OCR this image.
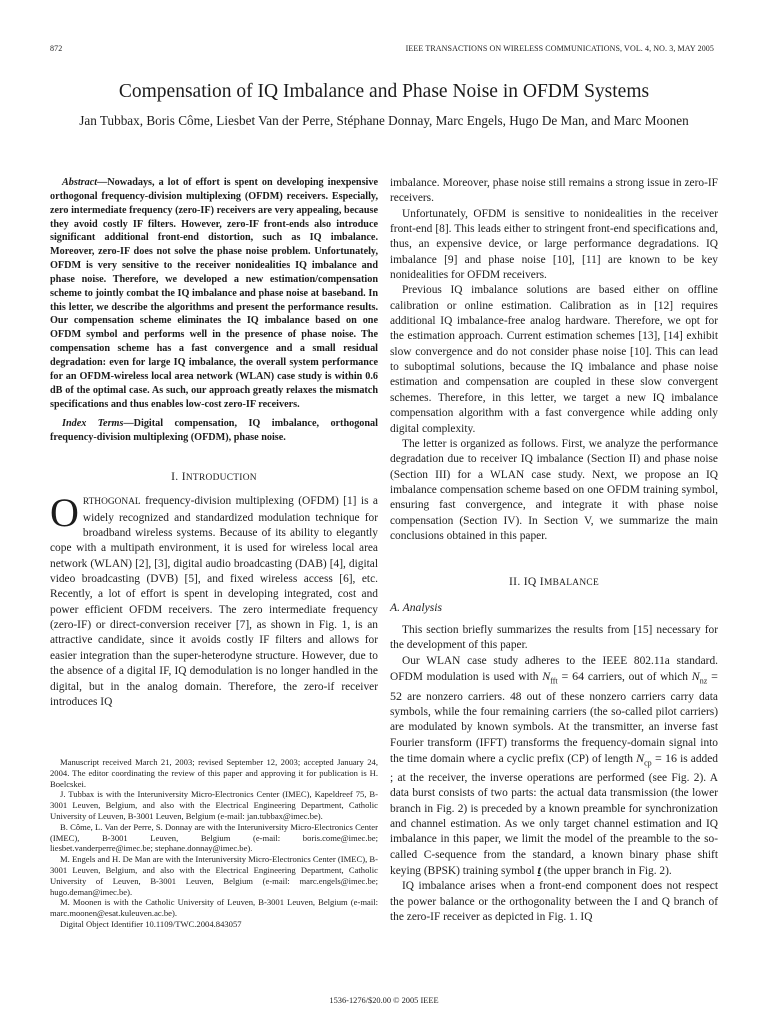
872	IEEE TRANSACTIONS ON WIRELESS COMMUNICATIONS, VOL. 4, NO. 3, MAY 2005
Compensation of IQ Imbalance and Phase Noise in OFDM Systems
Jan Tubbax, Boris Côme, Liesbet Van der Perre, Stéphane Donnay, Marc Engels, Hugo De Man, and Marc Moonen

Abstract—Nowadays, a lot of effort is spent on developing inexpensive orthogonal frequency-division multiplexing (OFDM) receivers. Especially, zero intermediate frequency (zero-IF) receivers are very appealing, because they avoid costly IF filters. However, zero-IF front-ends also introduce significant additional front-end distortion, such as IQ imbalance. Moreover, zero-IF does not solve the phase noise problem. Unfortunately, OFDM is very sensitive to the receiver nonidealities IQ imbalance and phase noise. Therefore, we developed a new estimation/compensation scheme to jointly combat the IQ imbalance and phase noise at baseband. In this letter, we describe the algorithms and present the performance results. Our compensation scheme eliminates the IQ imbalance based on one OFDM symbol and performs well in the presence of phase noise. The compensation scheme has a fast convergence and a small residual degradation: even for large IQ imbalance, the overall system performance for an OFDM-wireless local area network (WLAN) case study is within 0.6 dB of the optimal case. As such, our approach greatly relaxes the mismatch specifications and thus enables low-cost zero-IF receivers.

Index Terms—Digital compensation, IQ imbalance, orthogonal frequency-division multiplexing (OFDM), phase noise.

I. INTRODUCTION

ORTHOGONAL frequency-division multiplexing (OFDM) [1] is a widely recognized and standardized modulation technique for broadband wireless systems. Because of its ability to elegantly cope with a multipath environment, it is used for wireless local area network (WLAN) [2], [3], digital audio broadcasting (DAB) [4], digital video broadcasting (DVB) [5], and fixed wireless access [6], etc. Recently, a lot of effort is spent in developing integrated, cost and power efficient OFDM receivers. The zero intermediate frequency (zero-IF) or direct-conversion receiver [7], as shown in Fig. 1, is an attractive candidate, since it avoids costly IF filters and allows for easier integration than the super-heterodyne structure. However, due to the absence of a digital IF, IQ demodulation is no longer handled in the digital, but in the analog domain. Therefore, the zero-if receiver introduces IQ

Manuscript received March 21, 2003; revised September 12, 2003; accepted January 24, 2004. The editor coordinating the review of this paper and approving it for publication is H. Boelcskei.

J. Tubbax is with the Interuniversity Micro-Electronics Center (IMEC), Kapeldreef 75, B-3001 Leuven, Belgium, and also with the Electrical Engineering Department, Catholic University of Leuven, B-3001 Leuven, Belgium (e-mail: jan.tubbax@imec.be).

B. Côme, L. Van der Perre, S. Donnay are with the Interuniversity Micro-Electronics Center (IMEC), B-3001 Leuven, Belgium (e-mail: boris.come@imec.be; liesbet.vanderperre@imec.be; stephane.donnay@imec.be).

M. Engels and H. De Man are with the Interuniversity Micro-Electronics Center (IMEC), B-3001 Leuven, Belgium, and also with the Electrical Engineering Department, Catholic University of Leuven, B-3001 Leuven, Belgium (e-mail: marc.engels@imec.be; hugo.deman@imec.be).

M. Moonen is with the Catholic University of Leuven, B-3001 Leuven, Belgium (e-mail: marc.moonen@esat.kuleuven.ac.be).

Digital Object Identifier 10.1109/TWC.2004.843057

imbalance. Moreover, phase noise still remains a strong issue in zero-IF receivers.

Unfortunately, OFDM is sensitive to nonidealities in the receiver front-end [8]. This leads either to stringent front-end specifications and, thus, an expensive device, or large performance degradations. IQ imbalance [9] and phase noise [10], [11] are known to be key nonidealities for OFDM receivers.

Previous IQ imbalance solutions are based either on offline calibration or online estimation. Calibration as in [12] requires additional IQ imbalance-free analog hardware. Therefore, we opt for the estimation approach. Current estimation schemes [13], [14] exhibit slow convergence and do not consider phase noise [10]. This can lead to suboptimal solutions, because the IQ imbalance and phase noise estimation and compensation are coupled in these slow convergent schemes. Therefore, in this letter, we target a new IQ imbalance compensation algorithm with a fast convergence while adding only digital complexity.

The letter is organized as follows. First, we analyze the performance degradation due to receiver IQ imbalance (Section II) and phase noise (Section III) for a WLAN case study. Next, we propose an IQ imbalance compensation scheme based on one OFDM training symbol, ensuring fast convergence, and integrate it with phase noise compensation (Section IV). In Section V, we summarize the main conclusions obtained in this paper.

II. IQ IMBALANCE
A. Analysis

This section briefly summarizes the results from [15] necessary for the development of this paper.

Our WLAN case study adheres to the IEEE 802.11a standard. OFDM modulation is used with $N_{fft} = 64$ carriers, out of which $N_{nz} = 52$ are nonzero carriers. 48 out of these nonzero carriers carry data symbols, while the four remaining carriers (the so-called pilot carriers) are modulated by known symbols. At the transmitter, an inverse fast Fourier transform (IFFT) transforms the frequency-domain signal into the time domain where a cyclic prefix (CP) of length $N_{cp} = 16$ is added ; at the receiver, the inverse operations are performed (see Fig. 2). A data burst consists of two parts: the actual data transmission (the lower branch in Fig. 2) is preceded by a known preamble for synchronization and channel estimation. As we only target channel estimation and IQ imbalance in this paper, we limit the model of the preamble to the so-called C-sequence from the standard, a known binary phase shift keying (BPSK) training symbol t (the upper branch in Fig. 2).

IQ imbalance arises when a front-end component does not respect the power balance or the orthogonality between the I and Q branch of the zero-IF receiver as depicted in Fig. 1. IQ

1536-1276/$20.00 © 2005 IEEE
